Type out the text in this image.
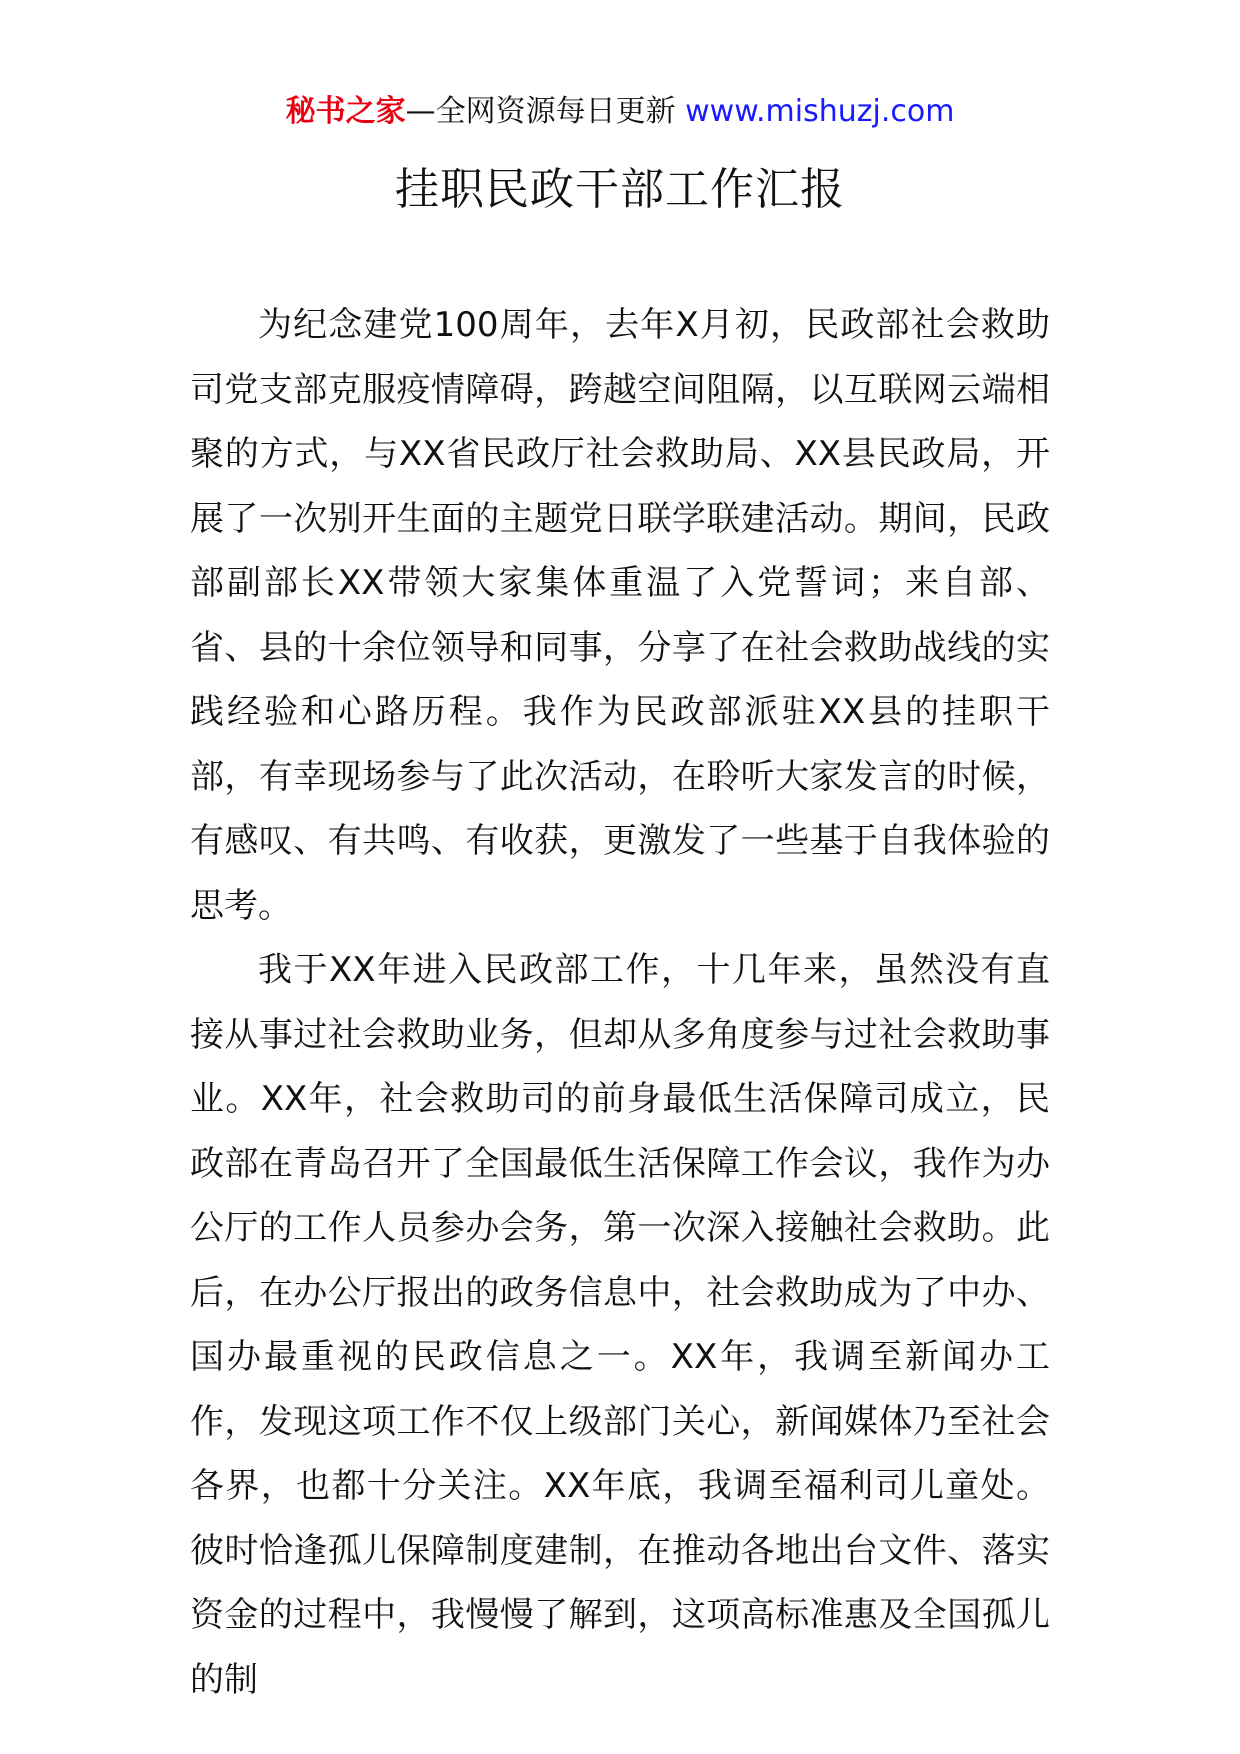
秘书之家—全网资源每日更新 www.mishuzj.com
挂职民政干部工作汇报

为纪念建党100周年，去年X月初，民政部社会救助司党支部克服疫情障碍，跨越空间阻隔，以互联网云端相聚的方式，与XX省民政厅社会救助局、XX县民政局，开展了一次别开生面的主题党日联学联建活动。期间，民政部副部长XX带领大家集体重温了入党誓词；来自部、省、县的十余位领导和同事，分享了在社会救助战线的实践经验和心路历程。我作为民政部派驻XX县的挂职干部，有幸现场参与了此次活动，在聆听大家发言的时候，有感叹、有共鸣、有收获，更激发了一些基于自我体验的思考。

我于XX年进入民政部工作，十几年来，虽然没有直接从事过社会救助业务，但却从多角度参与过社会救助事业。XX年，社会救助司的前身最低生活保障司成立，民政部在青岛召开了全国最低生活保障工作会议，我作为办公厅的工作人员参办会务，第一次深入接触社会救助。此后，在办公厅报出的政务信息中，社会救助成为了中办、国办最重视的民政信息之一。XX年，我调至新闻办工作，发现这项工作不仅上级部门关心，新闻媒体乃至社会各界，也都十分关注。XX年底，我调至福利司儿童处。彼时恰逢孤儿保障制度建制，在推动各地出台文件、落实资金的过程中，我慢慢了解到，这项高标准惠及全国孤儿的制
